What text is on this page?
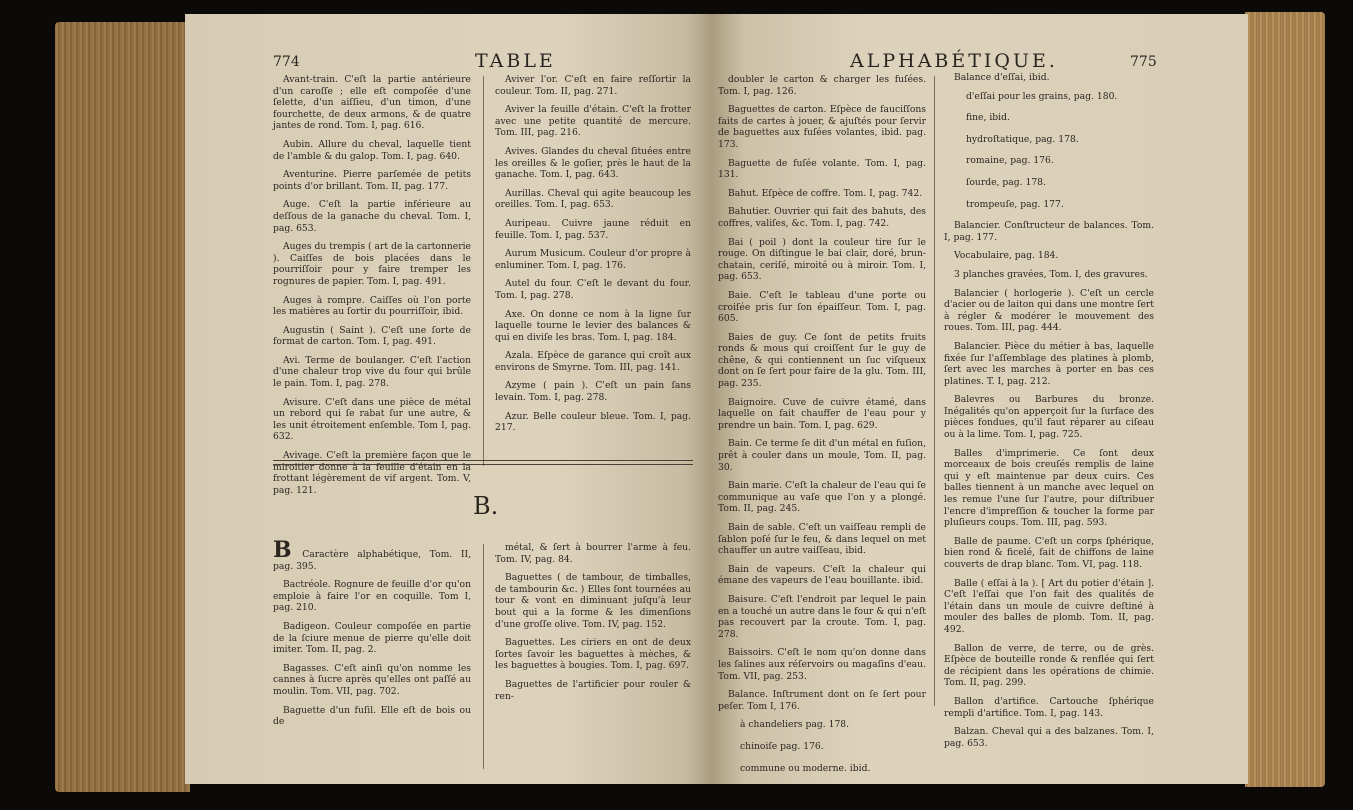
774	TABLE

Avant-train. C'eſt la partie antérieure d'un caroſſe ; elle eſt compoſée d'une ſelette, d'un aiſſieu, d'un timon, d'une fourchette, de deux armons, & de quatre jantes de rond. Tom. I, pag. 616.

Aubin. Allure du cheval, laquelle tient de l'amble & du galop. Tom. I, pag. 640.

Aventurine. Pierre parſemée de petits points d'or brillant. Tom. II, pag. 177.

Auge. C'eſt la partie inférieure au deſſous de la ganache du cheval. Tom. I, pag. 653.

Auges du trempis ( art de la cartonnerie ). Caiſſes de bois placées dans le pourriſſoir pour y faire tremper les rognures de papier. Tom. I, pag. 491.

Auges à rompre. Caiſſes où l'on porte les matières au ſortir du pourriſſoir, ibid.

Augustin ( Saint ). C'eſt une ſorte de format de carton. Tom. I, pag. 491.

Avi. Terme de boulanger. C'eſt l'action d'une chaleur trop vive du four qui brûle le pain. Tom. I, pag. 278.

Avisure. C'eſt dans une pièce de métal un rebord qui ſe rabat ſur une autre, & les unit étroitement enſemble. Tom I, pag. 632.

Avivage. C'eſt la première façon que le miroitier donne à la feuille d'étain en la frottant légèrement de vif argent. Tom. V, pag. 121.

Aviver l'or. C'eſt en faire reſſortir la couleur. Tom. II, pag. 271.

Aviver la feuille d'étain. C'eſt la frotter avec une petite quantité de mercure. Tom. III, pag. 216.

Avives. Glandes du cheval ſituées entre les oreilles & le goſier, près le haut de la ganache. Tom. I, pag. 643.

Aurillas. Cheval qui agite beaucoup les oreilles. Tom. I, pag. 653.

Auripeau. Cuivre jaune réduit en feuille. Tom. I, pag. 537.

Aurum Musicum. Couleur d'or propre à enluminer. Tom. I, pag. 176.

Autel du four. C'eſt le devant du four. Tom. I, pag. 278.

Axe. On donne ce nom à la ligne ſur laquelle tourne le levier des balances & qui en diviſe les bras. Tom. I, pag. 184.

Azala. Eſpèce de garance qui croît aux environs de Smyrne. Tom. III, pag. 141.

Azyme ( pain ). C'eſt un pain ſans levain. Tom. I, pag. 278.

Azur. Belle couleur bleue. Tom. I, pag. 217.

B.

B Caractère alphabétique, Tom. II, pag. 395.

Bactréole. Rognure de feuille d'or qu'on emploie à faire l'or en coquille. Tom I, pag. 210.

Badigeon. Couleur compoſée en partie de la ſciure menue de pierre qu'elle doit imiter. Tom. II, pag. 2.

Bagasses. C'eſt ainſi qu'on nomme les cannes à ſucre après qu'elles ont paſſé au moulin. Tom. VII, pag. 702.

Baguette d'un fuſil. Elle eſt de bois ou de

métal, & ſert à bourrer l'arme à feu. Tom. IV, pag. 84.

Baguettes ( de tambour, de timballes, de tambourin &c. ) Elles ſont tournées au tour & vont en diminuant juſqu'à leur bout qui a la forme & les dimenſions d'une groſſe olive. Tom. IV, pag. 152.

Baguettes. Les ciriers en ont de deux ſortes ſavoir les baguettes à mèches, & les baguettes à bougies. Tom. I, pag. 697.

Baguettes de l'artificier pour rouler & ren-

ALPHABÉTIQUE.	775

doubler le carton & charger les fuſées. Tom. I, pag. 126.

Baguettes de carton. Eſpèce de fauciſſons faits de cartes à jouer, & ajuſtés pour ſervir de baguettes aux fuſées volantes, ibid. pag. 173.

Baguette de fuſée volante. Tom. I, pag. 131.

Bahut. Eſpèce de coffre. Tom. I, pag. 742.

Bahutier. Ouvrier qui fait des bahuts, des coffres, valiſes, &c. Tom. I, pag. 742.

Bai ( poil ) dont la couleur tire ſur le rouge. On diſtingue le bai clair, doré, brun-chatain, ceriſé, miroité ou à miroir. Tom. I, pag. 653.

Baie. C'eſt le tableau d'une porte ou croiſée pris ſur ſon épaiſſeur. Tom. I, pag. 605.

Baies de guy. Ce ſont de petits fruits ronds & mous qui croiſſent ſur le guy de chêne, & qui contiennent un ſuc viſqueux dont on ſe ſert pour faire de la glu. Tom. III, pag. 235.

Baignoire. Cuve de cuivre étamé, dans laquelle on fait chauffer de l'eau pour y prendre un bain. Tom. I, pag. 629.

Bain. Ce terme ſe dit d'un métal en fuſion, prêt à couler dans un moule, Tom. II, pag. 30.

Bain marie. C'eſt la chaleur de l'eau qui ſe communique au vaſe que l'on y a plongé. Tom. II, pag. 245.

Bain de sable. C'eſt un vaiſſeau rempli de ſablon poſé ſur le feu, & dans lequel on met chauffer un autre vaiſſeau, ibid.

Bain de vapeurs. C'eſt la chaleur qui émane des vapeurs de l'eau bouillante. ibid.

Baisure. C'eſt l'endroit par lequel le pain en a touché un autre dans le four & qui n'eſt pas recouvert par la croute. Tom. I, pag. 278.

Baissoirs. C'eſt le nom qu'on donne dans les ſalines aux réſervoirs ou magaſins d'eau. Tom. VII, pag. 253.

Balance. Inſtrument dont on ſe ſert pour peſer. Tom I, 176.

à chandeliers pag. 178.

chinoiſe pag. 176.

commune ou moderne. ibid.

Balance d'eſſai, ibid.

d'eſſai pour les grains, pag. 180.

fine, ibid.

hydroſtatique, pag. 178.

romaine, pag. 176.

ſourde, pag. 178.

trompeuſe, pag. 177.

Balancier. Conſtructeur de balances. Tom. I, pag. 177.

Vocabulaire, pag. 184.

3 planches gravées, Tom. I, des gravures.

Balancier ( horlogerie ). C'eſt un cercle d'acier ou de laiton qui dans une montre ſert à régler & modérer le mouvement des roues. Tom. III, pag. 444.

Balancier. Pièce du métier à bas, laquelle fixée ſur l'aſſemblage des platines à plomb, ſert avec les marches à porter en bas ces platines. T. I, pag. 212.

Balevres ou Barbures du bronze. Inégalités qu'on apperçoit ſur la ſurface des pièces fondues, qu'il faut réparer au ciſeau ou à la lime. Tom. I, pag. 725.

Balles d'imprimerie. Ce ſont deux morceaux de bois creuſés remplis de laine qui y eſt maintenue par deux cuirs. Ces balles tiennent à un manche avec lequel on les remue l'une ſur l'autre, pour diſtribuer l'encre d'impreſſion & toucher la forme par pluſieurs coups. Tom. III, pag. 593.

Balle de paume. C'eſt un corps ſphérique, bien rond & ficelé, fait de chiffons de laine couverts de drap blanc. Tom. VI, pag. 118.

Balle ( eſſai à la ). [ Art du potier d'étain ]. C'eſt l'eſſai que l'on fait des qualités de l'étain dans un moule de cuivre deſtiné à mouler des balles de plomb. Tom. II, pag. 492.

Ballon de verre, de terre, ou de grès. Eſpèce de bouteille ronde & renflée qui ſert de récipient dans les opérations de chimie. Tom. II, pag. 299.

Ballon d'artifice. Cartouche ſphérique rempli d'artifice. Tom. I, pag. 143.

Balzan. Cheval qui a des balzanes. Tom. I, pag. 653.
